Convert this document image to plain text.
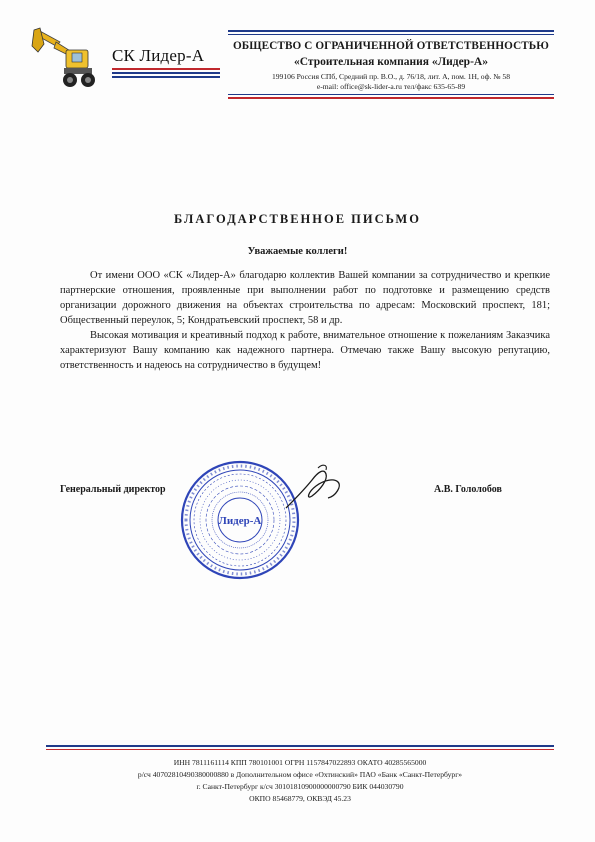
СК Лидер-А	ОБЩЕСТВО С ОГРАНИЧЕННОЙ ОТВЕТСТВЕННОСТЬЮ
«Строительная компания «Лидер-А»
199106 Россия СПб, Средний пр. В.О., д. 76/18, лит. А, пом. 1Н, оф. № 58
e-mail: office@sk-lider-a.ru тел/факс 635-65-89
БЛАГОДАРСТВЕННОЕ ПИСЬМО
Уважаемые коллеги!

От имени ООО «СК «Лидер-А» благодарю коллектив Вашей компании за сотрудничество и крепкие партнерские отношения, проявленные при выполнении работ по подготовке и размещению средств организации дорожного движения на объектах строительства по адресам: Московский проспект, 181; Общественный переулок, 5; Кондратьевский проспект, 58 и др.

Высокая мотивация и креативный подход к работе, внимательное отношение к пожеланиям Заказчика характеризуют Вашу компанию как надежного партнера. Отмечаю также Вашу высокую репутацию, ответственность и надеюсь на сотрудничество в будущем!

Генеральный директор	А.В. Гололобов
Лидер-А
ИНН 7811161114 КПП 780101001 ОГРН 1157847022893 ОКАТО 40285565000
р/сч 40702810490380000880 в Дополнительном офисе «Охтинский» ПАО «Банк «Санкт-Петербург»
г. Санкт-Петербург к/сч 30101810900000000790 БИК 044030790
ОКПО 85468779, ОКВЭД 45.23
